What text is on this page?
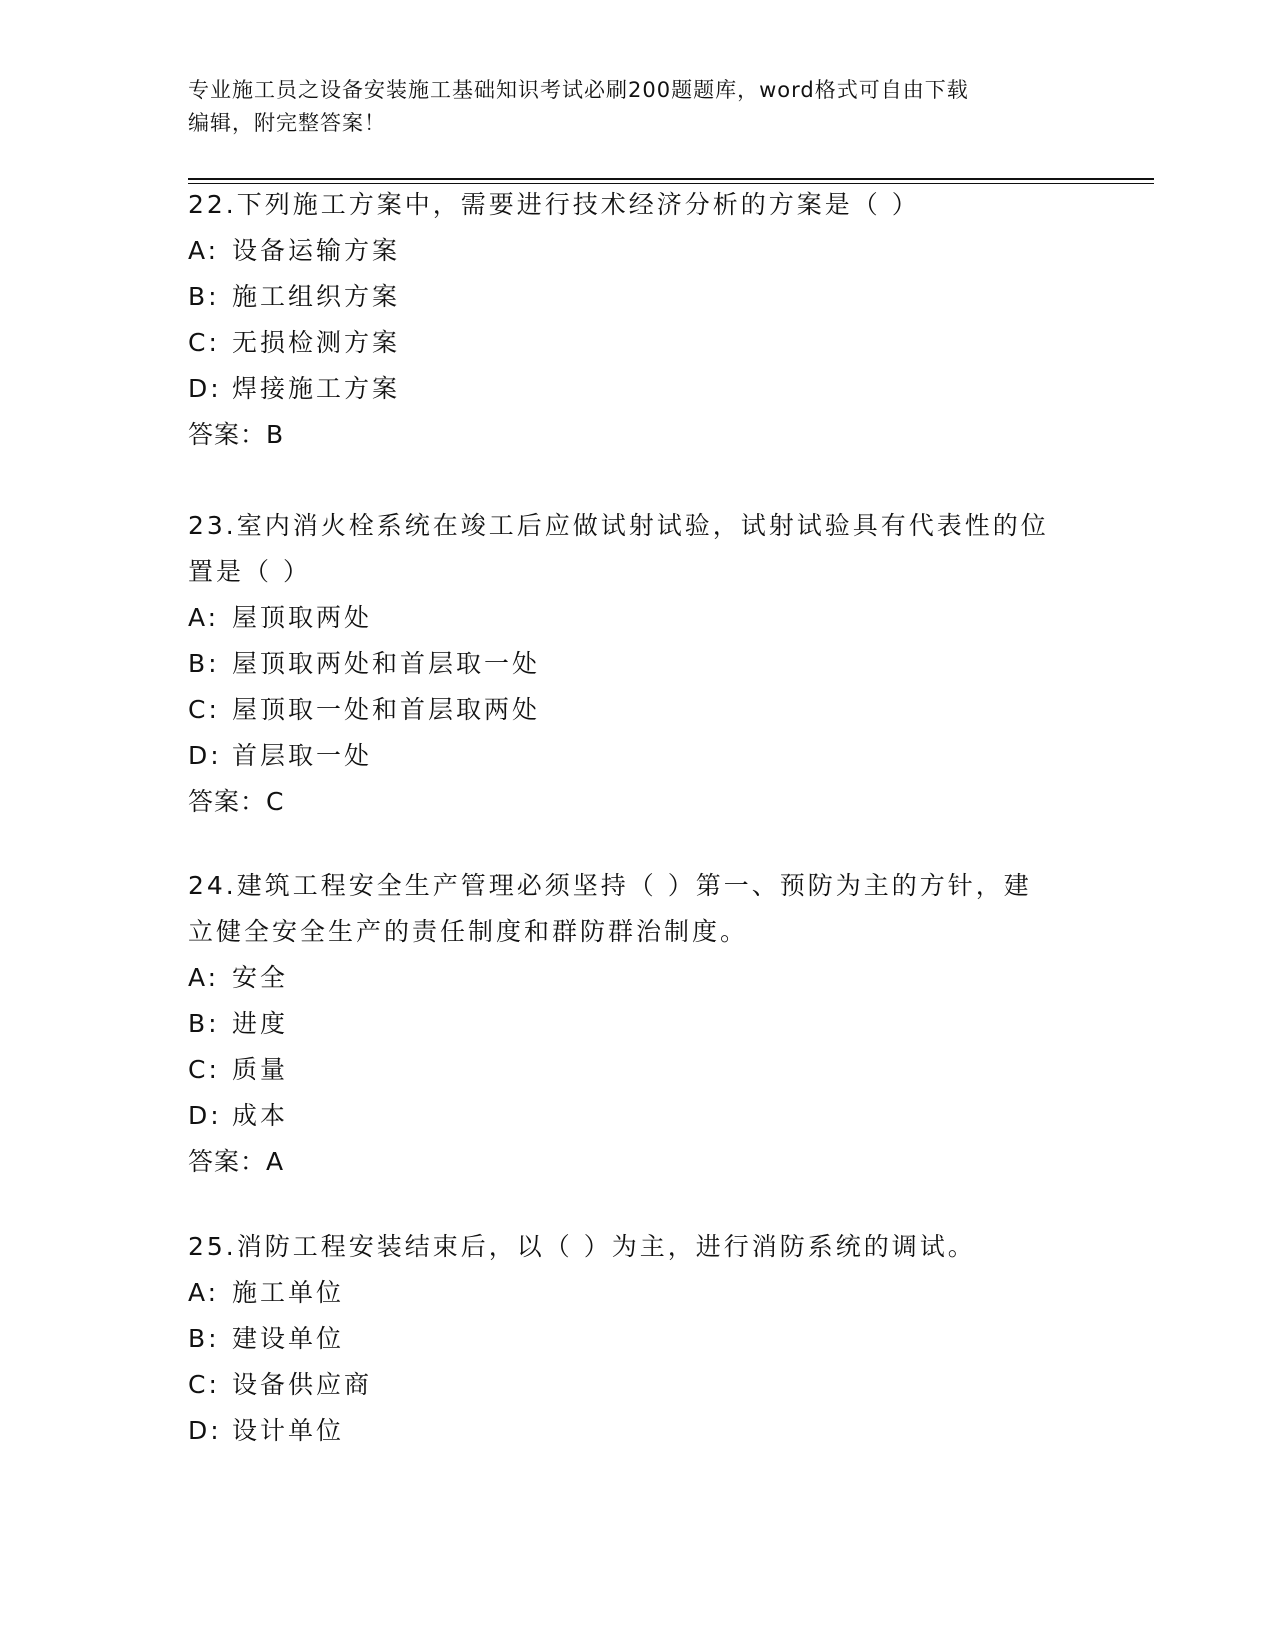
专业施工员之设备安装施工基础知识考试必刷200题题库，word格式可自由下载
编辑，附完整答案！

22.下列施工方案中，需要进行技术经济分析的方案是（ ）

A: 设备运输方案

B: 施工组织方案

C: 无损检测方案

D: 焊接施工方案

答案：B

23.室内消火栓系统在竣工后应做试射试验，试射试验具有代表性的位

置是（ ）

A: 屋顶取两处

B: 屋顶取两处和首层取一处

C: 屋顶取一处和首层取两处

D: 首层取一处

答案：C

24.建筑工程安全生产管理必须坚持（ ）第一、预防为主的方针，建

立健全安全生产的责任制度和群防群治制度。

A: 安全

B: 进度

C: 质量

D: 成本

答案：A

25.消防工程安装结束后，以（ ）为主，进行消防系统的调试。

A: 施工单位

B: 建设单位

C: 设备供应商

D: 设计单位
